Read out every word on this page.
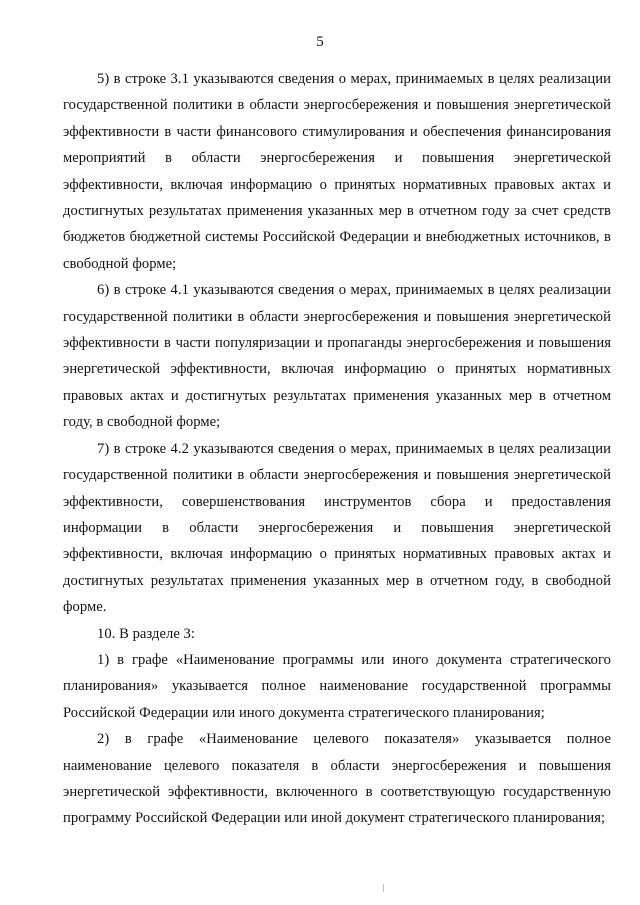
5

5) в строке 3.1 указываются сведения о мерах, принимаемых в целях реализации государственной политики в области энергосбережения и повышения энергетической эффективности в части финансового стимулирования и обеспечения финансирования мероприятий в области энергосбережения и повышения энергетической эффективности, включая информацию о принятых нормативных правовых актах и достигнутых результатах применения указанных мер в отчетном году за счет средств бюджетов бюджетной системы Российской Федерации и внебюджетных источников, в свободной форме;

6) в строке 4.1 указываются сведения о мерах, принимаемых в целях реализации государственной политики в области энергосбережения и повышения энергетической эффективности в части популяризации и пропаганды энергосбережения и повышения энергетической эффективности, включая информацию о принятых нормативных правовых актах и достигнутых результатах применения указанных мер в отчетном году, в свободной форме;

7) в строке 4.2 указываются сведения о мерах, принимаемых в целях реализации государственной политики в области энергосбережения и повышения энергетической эффективности, совершенствования инструментов сбора и предоставления информации в области энергосбережения и повышения энергетической эффективности, включая информацию о принятых нормативных правовых актах и достигнутых результатах применения указанных мер в отчетном году, в свободной форме.

10. В разделе 3:

1) в графе «Наименование программы или иного документа стратегического планирования» указывается полное наименование государственной программы Российской Федерации или иного документа стратегического планирования;

2) в графе «Наименование целевого показателя» указывается полное наименование целевого показателя в области энергосбережения и повышения энергетической эффективности, включенного в соответствующую государственную программу Российской Федерации или иной документ стратегического планирования;
